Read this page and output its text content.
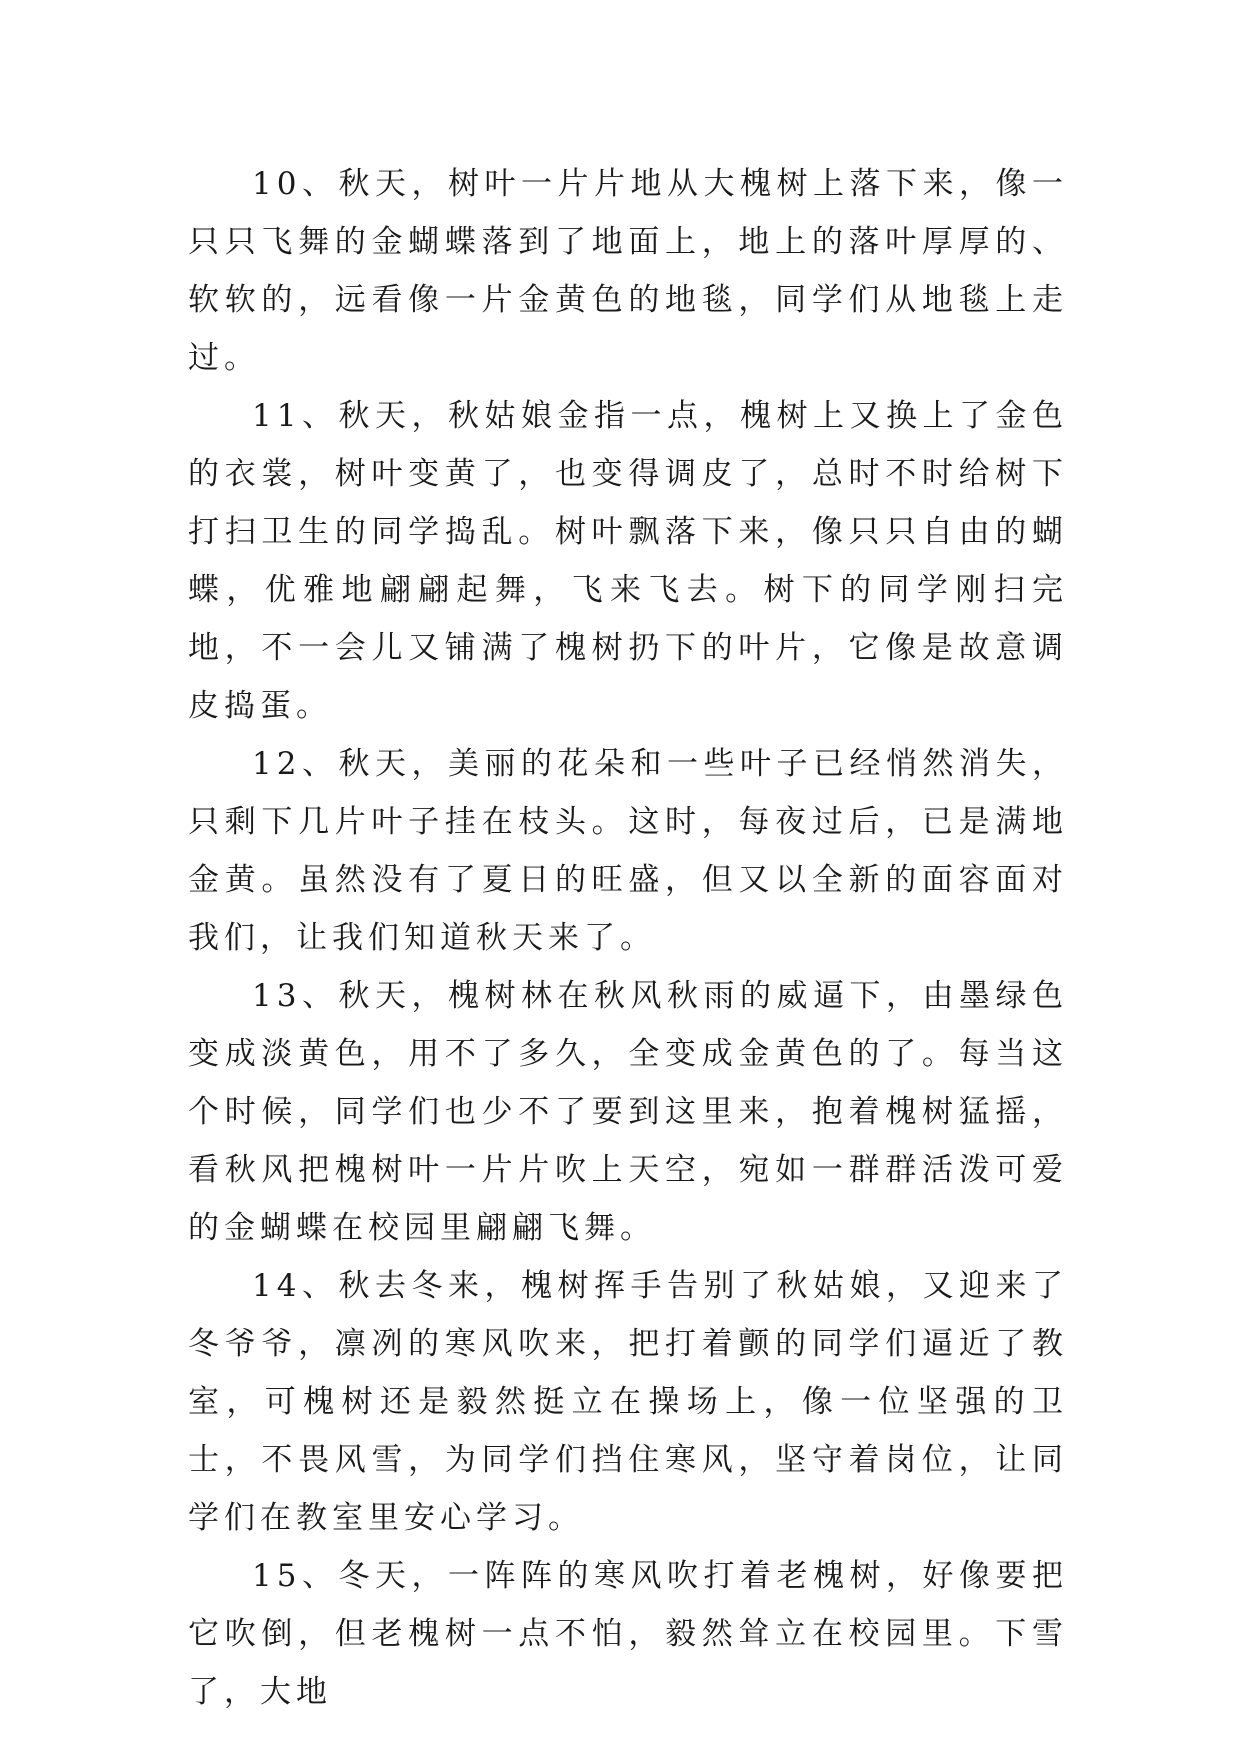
10、秋天，树叶一片片地从大槐树上落下来，像一只只飞舞的金蝴蝶落到了地面上，地上的落叶厚厚的、软软的，远看像一片金黄色的地毯，同学们从地毯上走过。

11、秋天，秋姑娘金指一点，槐树上又换上了金色的衣裳，树叶变黄了，也变得调皮了，总时不时给树下打扫卫生的同学捣乱。树叶飘落下来，像只只自由的蝴蝶，优雅地翩翩起舞，飞来飞去。树下的同学刚扫完地，不一会儿又铺满了槐树扔下的叶片，它像是故意调皮捣蛋。

12、秋天，美丽的花朵和一些叶子已经悄然消失，只剩下几片叶子挂在枝头。这时，每夜过后，已是满地金黄。虽然没有了夏日的旺盛，但又以全新的面容面对我们，让我们知道秋天来了。

13、秋天，槐树林在秋风秋雨的威逼下，由墨绿色变成淡黄色，用不了多久，全变成金黄色的了。每当这个时候，同学们也少不了要到这里来，抱着槐树猛摇，看秋风把槐树叶一片片吹上天空，宛如一群群活泼可爱的金蝴蝶在校园里翩翩飞舞。

14、秋去冬来，槐树挥手告别了秋姑娘，又迎来了冬爷爷，凛冽的寒风吹来，把打着颤的同学们逼近了教室，可槐树还是毅然挺立在操场上，像一位坚强的卫士，不畏风雪，为同学们挡住寒风，坚守着岗位，让同学们在教室里安心学习。

15、冬天，一阵阵的寒风吹打着老槐树，好像要把它吹倒，但老槐树一点不怕，毅然耸立在校园里。下雪了，大地
